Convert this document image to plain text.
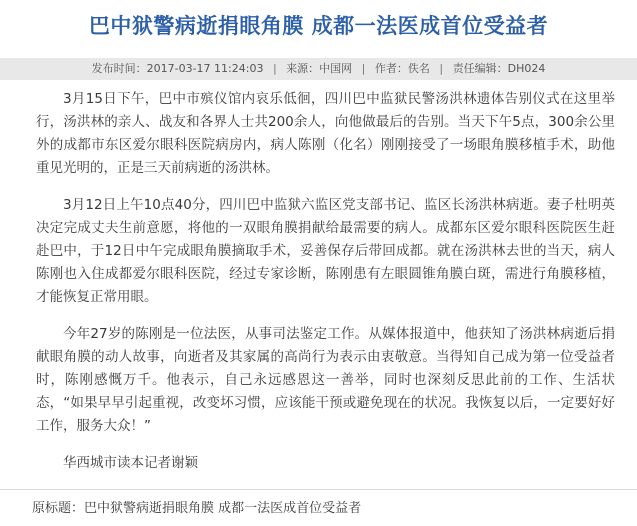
巴中狱警病逝捐眼角膜 成都一法医成首位受益者
发布时间：2017-03-17 11:24:03 | 来源：中国网 | 作者：佚名 | 责任编辑：DH024

3月15日下午，巴中市殡仪馆内哀乐低徊，四川巴中监狱民警汤洪林遗体告别仪式在这里举行，汤洪林的亲人、战友和各界人士共200余人，向他做最后的告别。当天下午5点，300余公里外的成都市东区爱尔眼科医院病房内，病人陈刚（化名）刚刚接受了一场眼角膜移植手术，助他重见光明的，正是三天前病逝的汤洪林。

3月12日上午10点40分，四川巴中监狱六监区党支部书记、监区长汤洪林病逝。妻子杜明英决定完成丈夫生前意愿，将他的一双眼角膜捐献给最需要的病人。成都东区爱尔眼科医院医生赶赴巴中，于12日中午完成眼角膜摘取手术，妥善保存后带回成都。就在汤洪林去世的当天，病人陈刚也入住成都爱尔眼科医院，经过专家诊断，陈刚患有左眼圆锥角膜白斑，需进行角膜移植，才能恢复正常用眼。

今年27岁的陈刚是一位法医，从事司法鉴定工作。从媒体报道中，他获知了汤洪林病逝后捐献眼角膜的动人故事，向逝者及其家属的高尚行为表示由衷敬意。当得知自己成为第一位受益者时，陈刚感慨万千。他表示，自己永远感恩这一善举，同时也深刻反思此前的工作、生活状态，“如果早早引起重视，改变坏习惯，应该能干预或避免现在的状况。我恢复以后，一定要好好工作，服务大众！”

华西城市读本记者谢颖

原标题：巴中狱警病逝捐眼角膜 成都一法医成首位受益者
